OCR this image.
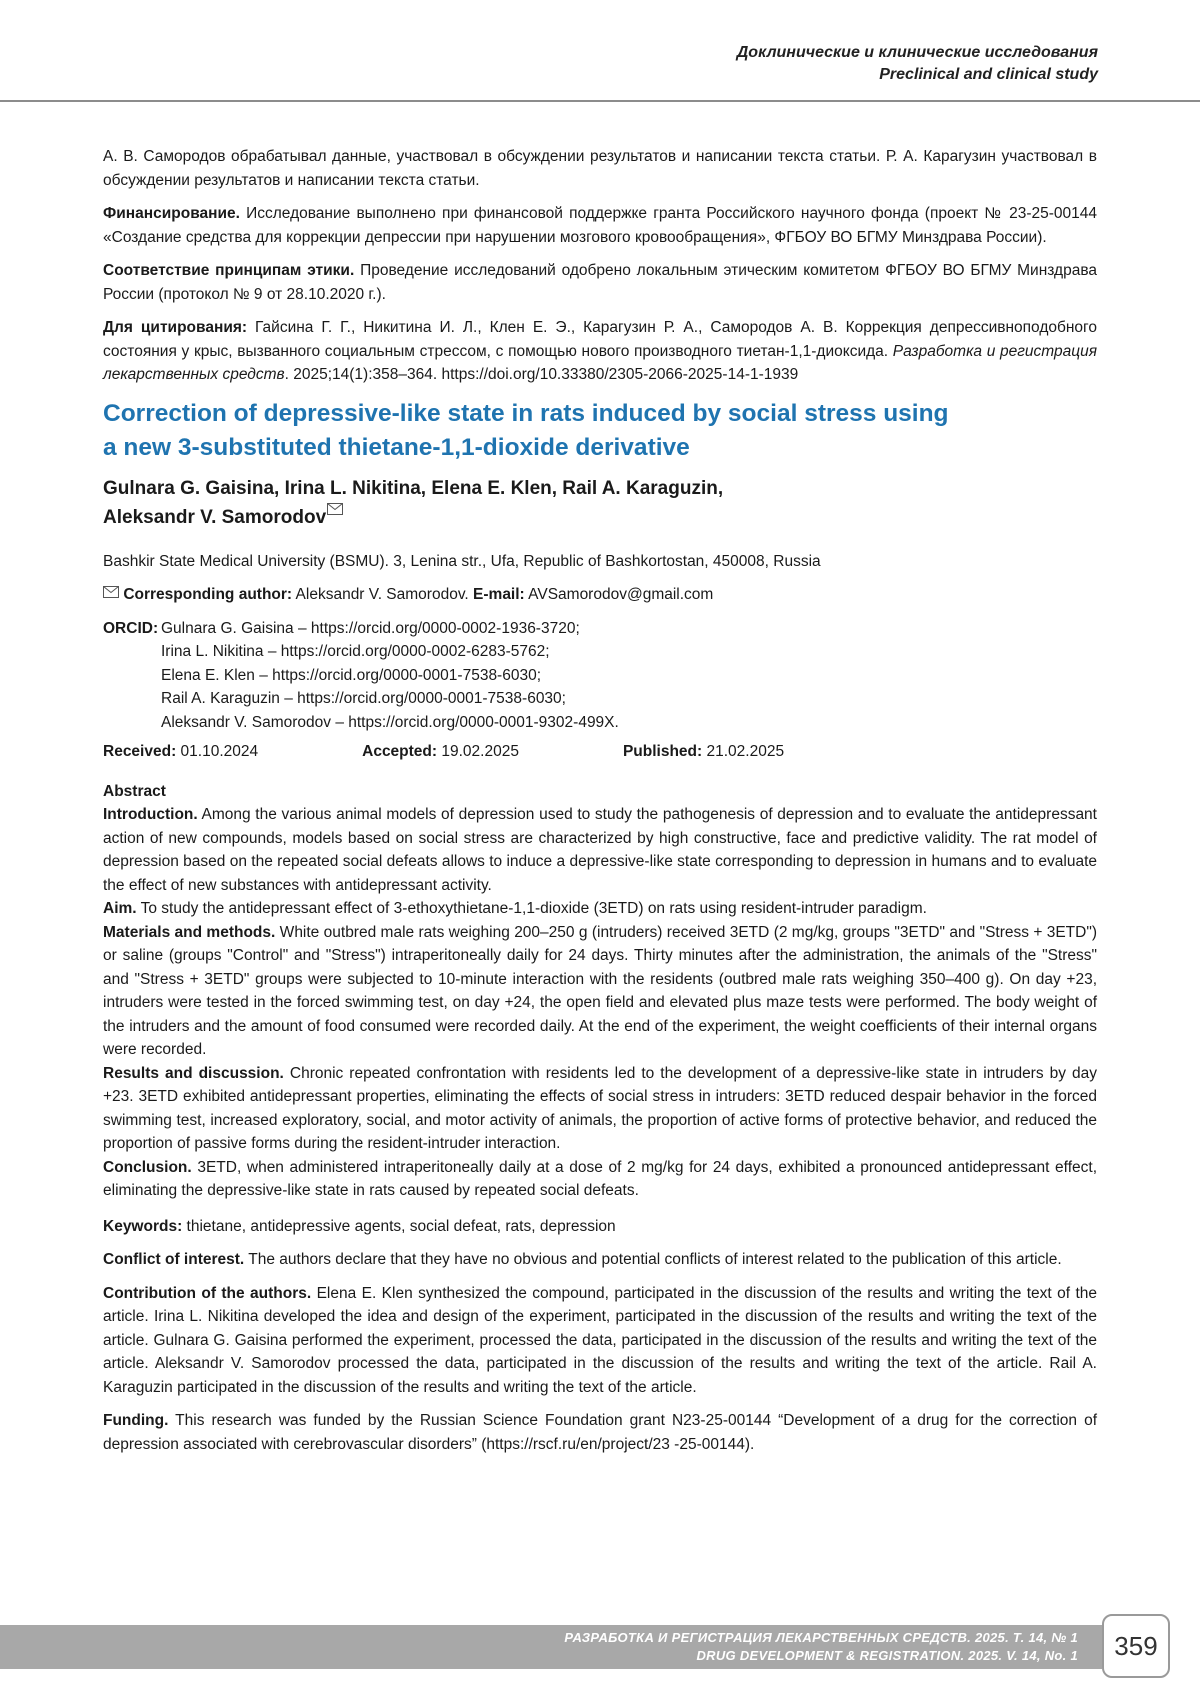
Доклинические и клинические исследования
Preclinical and clinical study

А. В. Самородов обрабатывал данные, участвовал в обсуждении результатов и написании текста статьи. Р. А. Карагузин участвовал в обсуждении результатов и написании текста статьи.

Финансирование. Исследование выполнено при финансовой поддержке гранта Российского научного фонда (проект № 23-25-00144 «Создание средства для коррекции депрессии при нарушении мозгового кровообращения», ФГБОУ ВО БГМУ Минздрава России).

Соответствие принципам этики. Проведение исследований одобрено локальным этическим комитетом ФГБОУ ВО БГМУ Минздрава России (протокол № 9 от 28.10.2020 г.).

Для цитирования: Гайсина Г. Г., Никитина И. Л., Клен Е. Э., Карагузин Р. А., Самородов А. В. Коррекция депрессивноподобного состояния у крыс, вызванного социальным стрессом, с помощью нового производного тиетан-1,1-диоксида. Разработка и регистрация лекарственных средств. 2025;14(1):358–364. https://doi.org/10.33380/2305-2066-2025-14-1-1939

Correction of depressive-like state in rats induced by social stress using
a new 3-substituted thietane-1,1-dioxide derivative
Gulnara G. Gaisina, Irina L. Nikitina, Elena E. Klen, Rail A. Karaguzin,
Aleksandr V. Samorodov

Bashkir State Medical University (BSMU). 3, Lenina str., Ufa, Republic of Bashkortostan, 450008, Russia

Corresponding author: Aleksandr V. Samorodov. E-mail: AVSamorodov@gmail.com

ORCID: Gulnara G. Gaisina – https://orcid.org/0000-0002-1936-3720;
Irina L. Nikitina – https://orcid.org/0000-0002-6283-5762;
Elena E. Klen – https://orcid.org/0000-0001-7538-6030;
Rail A. Karaguzin – https://orcid.org/0000-0001-7538-6030;
Aleksandr V. Samorodov – https://orcid.org/0000-0001-9302-499X.
Received: 01.10.2024	Accepted: 19.02.2025	Published: 21.02.2025
Abstract

Introduction. Among the various animal models of depression used to study the pathogenesis of depression and to evaluate the antidepressant action of new compounds, models based on social stress are characterized by high constructive, face and predictive validity. The rat model of depression based on the repeated social defeats allows to induce a depressive-like state corresponding to depression in humans and to evaluate the effect of new substances with antidepressant activity.

Aim. To study the antidepressant effect of 3-ethoxythietane-1,1-dioxide (3ETD) on rats using resident-intruder paradigm.

Materials and methods. White outbred male rats weighing 200–250 g (intruders) received 3ETD (2 mg/kg, groups "3ETD" and "Stress + 3ETD") or saline (groups "Control" and "Stress") intraperitoneally daily for 24 days. Thirty minutes after the administration, the animals of the "Stress" and "Stress + 3ETD" groups were subjected to 10-minute interaction with the residents (outbred male rats weighing 350–400 g). On day +23, intruders were tested in the forced swimming test, on day +24, the open field and elevated plus maze tests were performed. The body weight of the intruders and the amount of food consumed were recorded daily. At the end of the experiment, the weight coefficients of their internal organs were recorded.

Results and discussion. Chronic repeated confrontation with residents led to the development of a depressive-like state in intruders by day +23. 3ETD exhibited antidepressant properties, eliminating the effects of social stress in intruders: 3ETD reduced despair behavior in the forced swimming test, increased exploratory, social, and motor activity of animals, the proportion of active forms of protective behavior, and reduced the proportion of passive forms during the resident-intruder interaction.

Conclusion. 3ETD, when administered intraperitoneally daily at a dose of 2 mg/kg for 24 days, exhibited a pronounced antidepressant effect, eliminating the depressive-like state in rats caused by repeated social defeats.

Keywords: thietane, antidepressive agents, social defeat, rats, depression

Conflict of interest. The authors declare that they have no obvious and potential conflicts of interest related to the publication of this article.

Contribution of the authors. Elena E. Klen synthesized the compound, participated in the discussion of the results and writing the text of the article. Irina L. Nikitina developed the idea and design of the experiment, participated in the discussion of the results and writing the text of the article. Gulnara G. Gaisina performed the experiment, processed the data, participated in the discussion of the results and writing the text of the article. Aleksandr V. Samorodov processed the data, participated in the discussion of the results and writing the text of the article. Rail A. Karaguzin participated in the discussion of the results and writing the text of the article.

Funding. This research was funded by the Russian Science Foundation grant N23-25-00144 “Development of a drug for the correction of depression associated with cerebrovascular disorders” (https://rscf.ru/en/project/23 -25-00144).

РАЗРАБОТКА И РЕГИСТРАЦИЯ ЛЕКАРСТВЕННЫХ СРЕДСТВ. 2025. Т. 14, № 1
DRUG DEVELOPMENT & REGISTRATION. 2025. V. 14, No. 1	359
